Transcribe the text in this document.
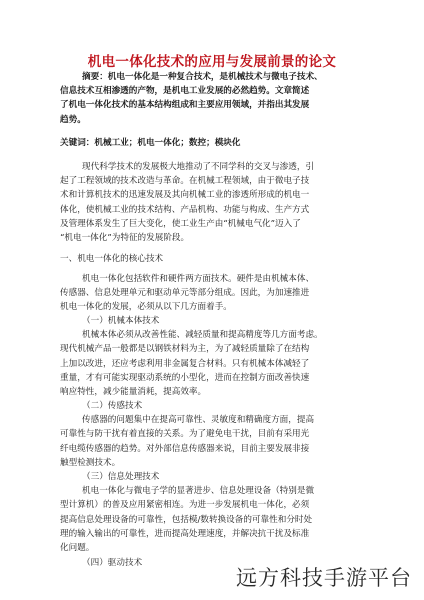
机电一体化技术的应用与发展前景的论文
摘要：机电一体化是一种复合技术，是机械技术与微电子技术、
信息技术互相渗透的产物，是机电工业发展的必然趋势。文章简述
了机电一体化技术的基本结构组成和主要应用领域，并指出其发展
趋势。
关键词：机械工业；机电一体化；数控；模块化
现代科学技术的发展极大地推动了不同学科的交叉与渗透，引
起了工程领域的技术改造与革命。在机械工程领域，由于微电子技
术和计算机技术的迅速发展及其向机械工业的渗透所形成的机电一
体化，使机械工业的技术结构、产品机构、功能与构成、生产方式
及管理体系发生了巨大变化，使工业生产由“机械电气化”迈入了
“机电一体化”为特征的发展阶段。
一、机电一体化的核心技术
机电一体化包括软件和硬件两方面技术。硬件是由机械本体、
传感器、信息处理单元和驱动单元等部分组成。因此，为加速推进
机电一体化的发展，必须从以下几方面着手。
（一）机械本体技术
机械本体必须从改善性能、减轻质量和提高精度等几方面考虑。
现代机械产品一般都是以钢铁材料为主，为了减轻质量除了在结构
上加以改进，还应考虑利用非金属复合材料。只有机械本体减轻了
重量，才有可能实现驱动系统的小型化，进而在控制方面改善快速
响应特性，减少能量消耗，提高效率。
（二）传感技术
传感器的问题集中在提高可靠性、灵敏度和精确度方面，提高
可靠性与防干扰有着直接的关系。为了避免电干扰，目前有采用光
纤电缆传感器的趋势。对外部信息传感器来说，目前主要发展非接
触型检测技术。
（三）信息处理技术
机电一体化与微电子学的显著进步、信息处理设备（特别是微
型计算机）的普及应用紧密相连。为进一步发展机电一体化，必须
提高信息处理设备的可靠性，包括模/数转换设备的可靠性和分时处
理的输入输出的可靠性，进而提高处理速度，并解决抗干扰及标准
化问题。
（四）驱动技术
远方科技手游平台
